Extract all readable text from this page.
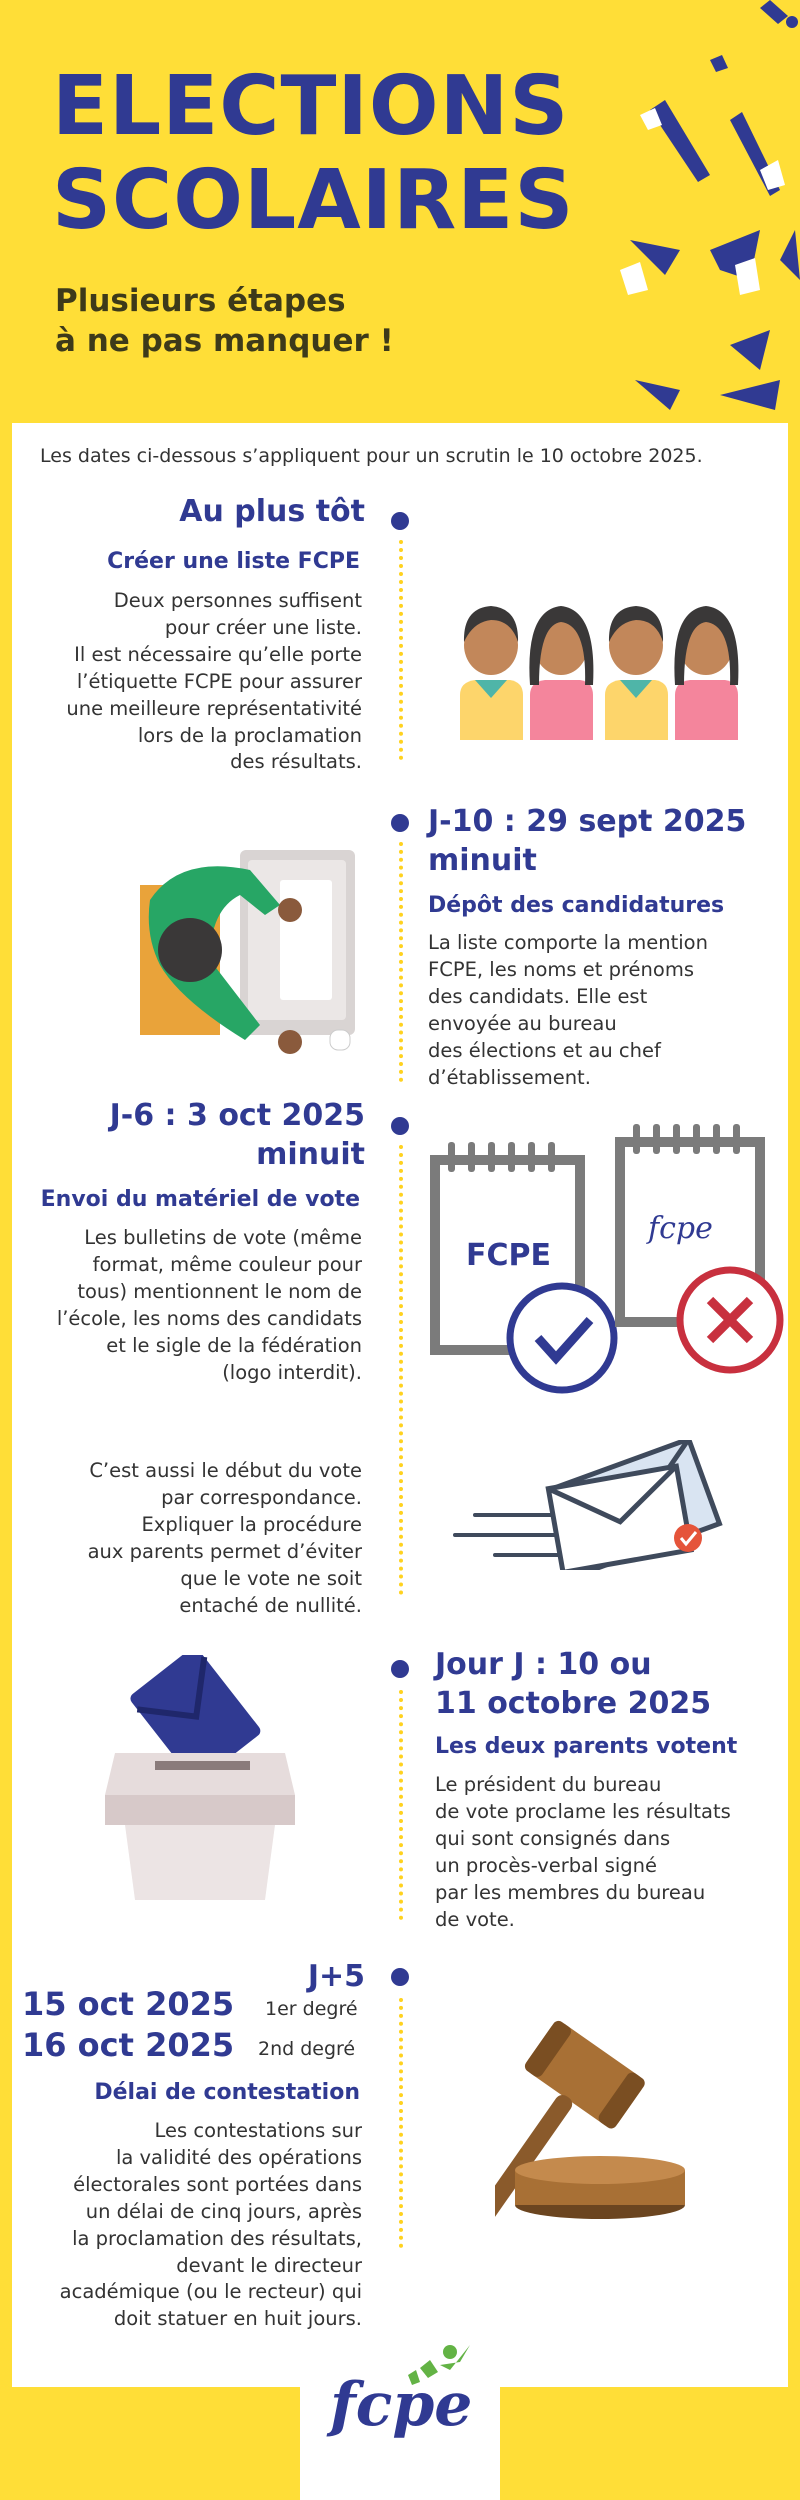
ELECTIONS
SCOLAIRES
Plusieurs étapes
à ne pas manquer !
Les dates ci-dessous s’appliquent pour un scrutin le 10 octobre 2025.
Au plus tôt
Créer une liste FCPE
Deux personnes suffisent
pour créer une liste.
Il est nécessaire qu’elle porte
l’étiquette FCPE pour assurer
une meilleure représentativité
lors de la proclamation
des résultats.
J-10 : 29 sept 2025
minuit
Dépôt des candidatures
La liste comporte la mention
FCPE, les noms et prénoms
des candidats. Elle est
envoyée au bureau
des élections et au chef
d’établissement.
J-6 : 3 oct 2025
minuit
Envoi du matériel de vote
Les bulletins de vote (même
format, même couleur pour
tous) mentionnent le nom de
l’école, les noms des candidats
et le sigle de la fédération
(logo interdit).
FCPE
fcpe
C’est aussi le début du vote
par correspondance.
Expliquer la procédure
aux parents permet d’éviter
que le vote ne soit
entaché de nullité.
Jour J : 10 ou
11 octobre 2025
Les deux parents votent
Le président du bureau
de vote proclame les résultats
qui sont consignés dans
un procès-verbal signé
par les membres du bureau
de vote.
J+5
15 oct 2025 1er degré
16 oct 2025 2nd degré
Délai de contestation
Les contestations sur
la validité des opérations
électorales sont portées dans
un délai de cinq jours, après
la proclamation des résultats,
devant le directeur
académique (ou le recteur) qui
doit statuer en huit jours.
fcpe
